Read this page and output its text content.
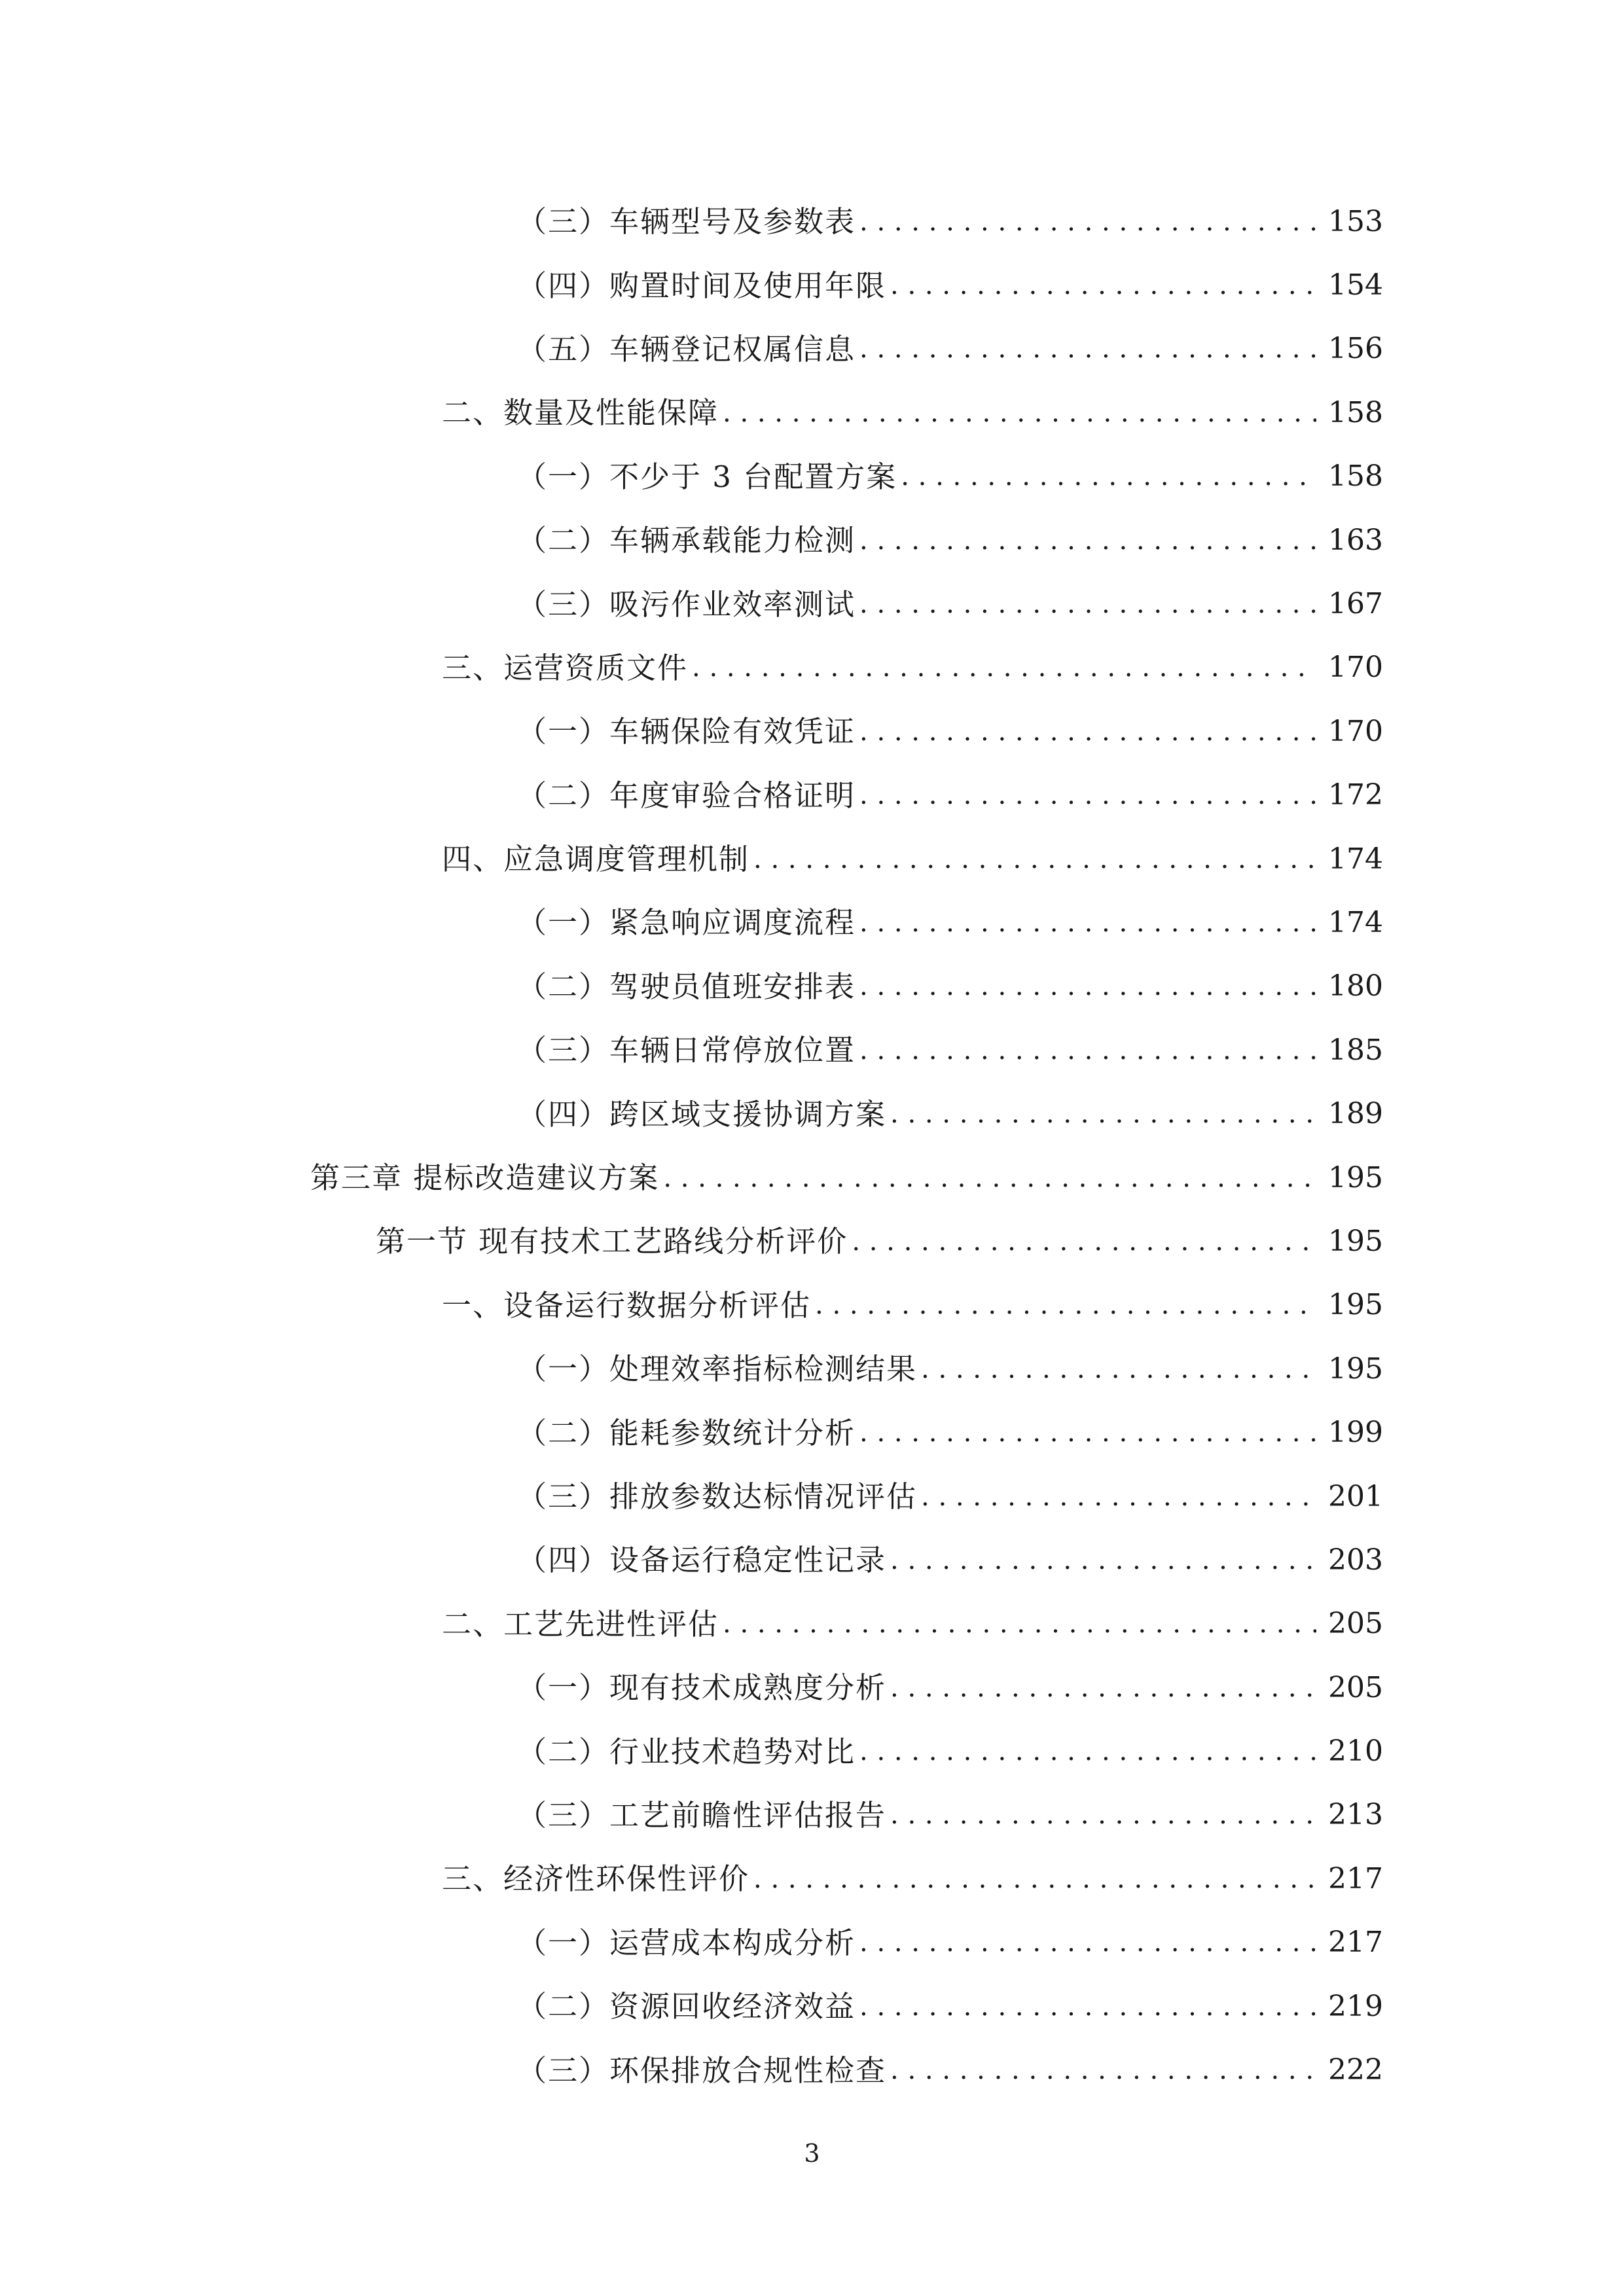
（三）车辆型号及参数表 . . .	153
（四）购置时间及使用年限 . . .	154
（五）车辆登记权属信息 . . .	156
二、数量及性能保障 . . .	158
（一）不少于 3 台配置方案 . . .	158
（二）车辆承载能力检测 . . .	163
（三）吸污作业效率测试 . . .	167
三、运营资质文件 . . .	170
（一）车辆保险有效凭证 . . .	170
（二）年度审验合格证明 . . .	172
四、应急调度管理机制 . . .	174
（一）紧急响应调度流程 . . .	174
（二）驾驶员值班安排表 . . .	180
（三）车辆日常停放位置 . . .	185
（四）跨区域支援协调方案 . . .	189
第三章 提标改造建议方案 . . .	195
第一节 现有技术工艺路线分析评价 . . .	195
一、设备运行数据分析评估 . . .	195
（一）处理效率指标检测结果 . . .	195
（二）能耗参数统计分析 . . .	199
（三）排放参数达标情况评估 . . .	201
（四）设备运行稳定性记录 . . .	203
二、工艺先进性评估 . . .	205
（一）现有技术成熟度分析 . . .	205
（二）行业技术趋势对比 . . .	210
（三）工艺前瞻性评估报告 . . .	213
三、经济性环保性评价 . . .	217
（一）运营成本构成分析 . . .	217
（二）资源回收经济效益 . . .	219
（三）环保排放合规性检查 . . .	222
3
